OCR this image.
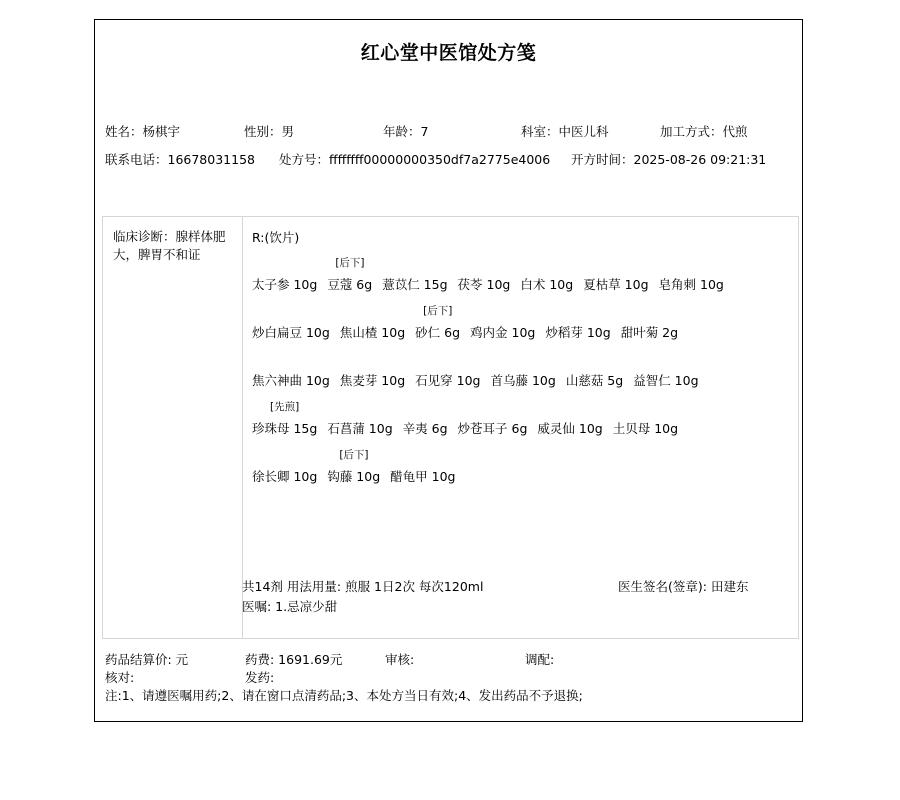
红心堂中医馆处方笺
姓名：杨棋宇	性别：男	年龄：7	科室：中医儿科	加工方式：代煎
联系电话：16678031158 处方号：ffffffff00000000350df7a2775e4006 开方时间：2025-08-26 09:21:31
临床诊断：腺样体肥大，脾胃不和证
R:(饮片)
太子参 10g
[后下]
豆蔻 6g 薏苡仁 15g 茯苓 10g 白术 10g 夏枯草 10g 皂角刺 10g
炒白扁豆 10g 焦山楂 10g
[后下]
砂仁 6g 鸡内金 10g 炒稻芽 10g 甜叶菊 2g
焦六神曲 10g 焦麦芽 10g 石见穿 10g 首乌藤 10g 山慈菇 5g 益智仁 10g
[先煎]
珍珠母 15g 石菖蒲 10g 辛夷 6g 炒苍耳子 6g 威灵仙 10g 土贝母 10g
徐长卿 10g
[后下]
钩藤 10g 醋龟甲 10g
共14剂 用法用量: 煎服 1日2次 每次120ml
医嘱: 1.忌凉少甜
医生签名(签章): 田建东
药品结算价: 元	药费: 1691.69元	审核:	调配:
核对:	发药:
注:1、请遵医嘱用药;2、请在窗口点清药品;3、本处方当日有效;4、发出药品不予退换;
